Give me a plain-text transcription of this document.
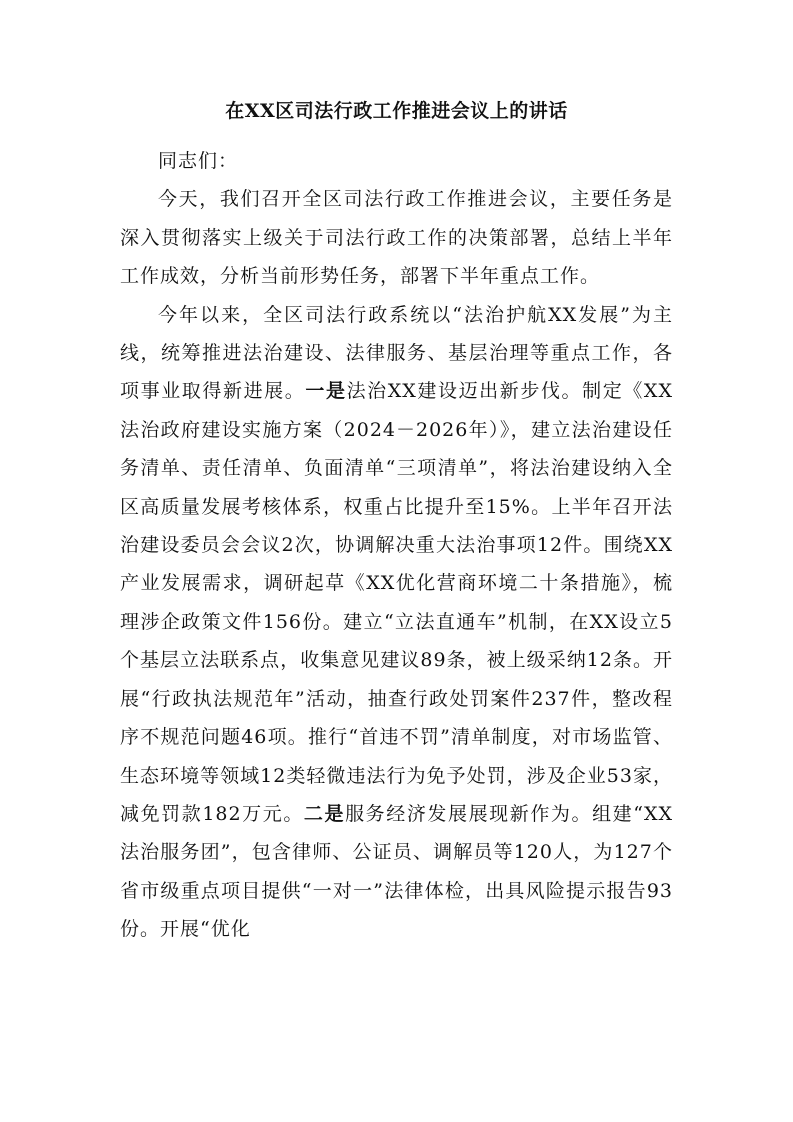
在XX区司法行政工作推进会议上的讲话

同志们：

今天，我们召开全区司法行政工作推进会议，主要任务是深入贯彻落实上级关于司法行政工作的决策部署，总结上半年工作成效，分析当前形势任务，部署下半年重点工作。

今年以来，全区司法行政系统以“法治护航XX发展”为主线，统筹推进法治建设、法律服务、基层治理等重点工作，各项事业取得新进展。一是法治XX建设迈出新步伐。制定《XX法治政府建设实施方案（2024－2026年）》，建立法治建设任务清单、责任清单、负面清单“三项清单”，将法治建设纳入全区高质量发展考核体系，权重占比提升至15%。上半年召开法治建设委员会会议2次，协调解决重大法治事项12件。围绕XX产业发展需求，调研起草《XX优化营商环境二十条措施》，梳理涉企政策文件156份。建立“立法直通车”机制，在XX设立5个基层立法联系点，收集意见建议89条，被上级采纳12条。开展“行政执法规范年”活动，抽查行政处罚案件237件，整改程序不规范问题46项。推行“首违不罚”清单制度，对市场监管、生态环境等领域12类轻微违法行为免予处罚，涉及企业53家，减免罚款182万元。二是服务经济发展展现新作为。组建“XX法治服务团”，包含律师、公证员、调解员等120人，为127个省市级重点项目提供“一对一”法律体检，出具风险提示报告93份。开展“优化
